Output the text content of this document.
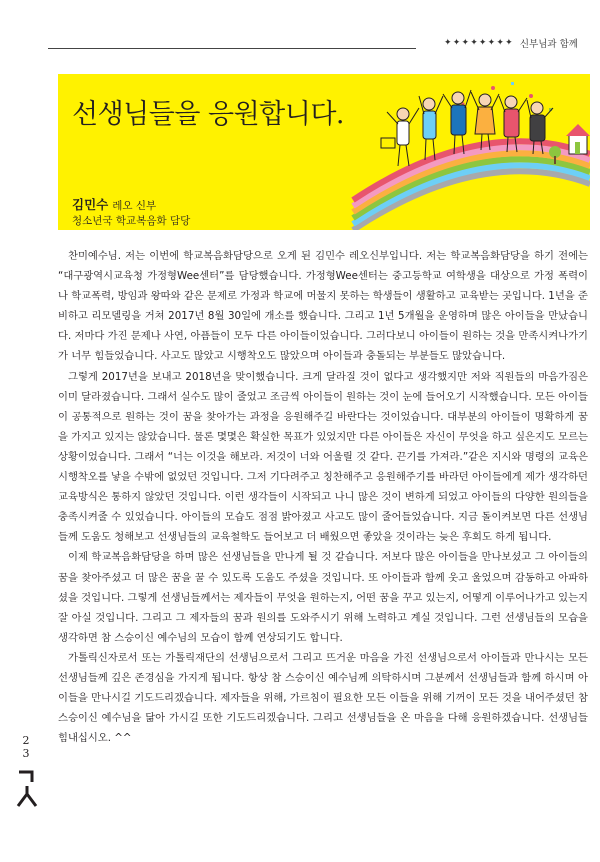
✦✦✦✦✦✦✦✦ 신부님과 함께
선생님들을 응원합니다.
김민수 레오 신부
청소년국 학교복음화 담당

찬미예수님. 저는 이번에 학교복음화담당으로 오게 된 김민수 레오신부입니다. 저는 학교복음화담당을 하기 전에는 “대구광역시교육청 가정형Wee센터”를 담당했습니다. 가정형Wee센터는 중고등학교 여학생을 대상으로 가정 폭력이나 학교폭력, 방임과 왕따와 같은 문제로 가정과 학교에 머물지 못하는 학생들이 생활하고 교육받는 곳입니다. 1년을 준비하고 리모델링을 거쳐 2017년 8월 30일에 개소를 했습니다. 그리고 1년 5개월을 운영하며 많은 아이들을 만났습니다. 저마다 가진 문제나 사연, 아픔들이 모두 다른 아이들이었습니다. 그러다보니 아이들이 원하는 것을 만족시켜나가기가 너무 힘들었습니다. 사고도 많았고 시행착오도 많았으며 아이들과 충돌되는 부분들도 많았습니다.

그렇게 2017년을 보내고 2018년을 맞이했습니다. 크게 달라질 것이 없다고 생각했지만 저와 직원들의 마음가짐은 이미 달라졌습니다. 그래서 실수도 많이 줄었고 조금씩 아이들이 원하는 것이 눈에 들어오기 시작했습니다. 모든 아이들이 공통적으로 원하는 것이 꿈을 찾아가는 과정을 응원해주길 바란다는 것이었습니다. 대부분의 아이들이 명확하게 꿈을 가지고 있지는 않았습니다. 물론 몇몇은 확실한 목표가 있었지만 다른 아이들은 자신이 무엇을 하고 싶은지도 모르는 상황이었습니다. 그래서 “너는 이것을 해보라. 저것이 너와 어울릴 것 같다. 끈기를 가져라.”같은 지시와 명령의 교육은 시행착오를 낳을 수밖에 없었던 것입니다. 그저 기다려주고 칭찬해주고 응원해주기를 바라던 아이들에게 제가 생각하던 교육방식은 통하지 않았던 것입니다. 이런 생각들이 시작되고 나니 많은 것이 변하게 되었고 아이들의 다양한 원의들을 충족시켜줄 수 있었습니다. 아이들의 모습도 점점 밝아졌고 사고도 많이 줄어들었습니다. 지금 돌이켜보면 다른 선생님들께 도움도 청해보고 선생님들의 교육철학도 들어보고 더 배웠으면 좋았을 것이라는 늦은 후회도 하게 됩니다.

이제 학교복음화담당을 하며 많은 선생님들을 만나게 될 것 같습니다. 저보다 많은 아이들을 만나보셨고 그 아이들의 꿈을 찾아주셨고 더 많은 꿈을 꿀 수 있도록 도움도 주셨을 것입니다. 또 아이들과 함께 웃고 울었으며 감동하고 아파하셨을 것입니다. 그렇게 선생님들께서는 제자들이 무엇을 원하는지, 어떤 꿈을 꾸고 있는지, 어떻게 이루어나가고 있는지 잘 아실 것입니다. 그리고 그 제자들의 꿈과 원의를 도와주시기 위해 노력하고 계실 것입니다. 그런 선생님들의 모습을 생각하면 참 스승이신 예수님의 모습이 함께 연상되기도 합니다.

가톨릭신자로서 또는 가톨릭재단의 선생님으로서 그리고 뜨거운 마음을 가진 선생님으로서 아이들과 만나시는 모든 선생님들께 깊은 존경심을 가지게 됩니다. 항상 참 스승이신 예수님께 의탁하시며 그분께서 선생님들과 함께 하시며 아이들을 만나시길 기도드리겠습니다. 제자들을 위해, 가르침이 필요한 모든 이들을 위해 기꺼이 모든 것을 내어주셨던 참 스승이신 예수님을 닮아 가시길 또한 기도드리겠습니다. 그리고 선생님들을 온 마음을 다해 응원하겠습니다. 선생님들 힘내십시오. ^^

2
3
